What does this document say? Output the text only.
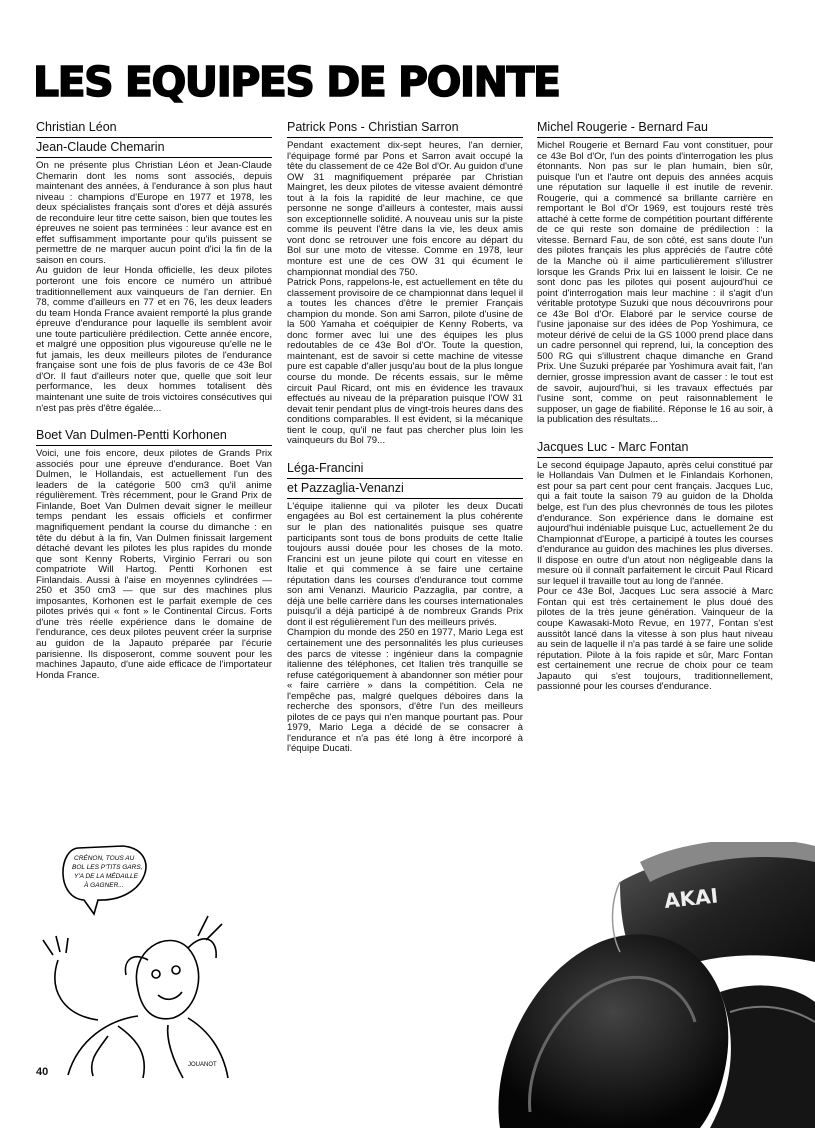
LES EQUIPES DE POINTE
Christian Léon
Jean-Claude Chemarin

On ne présente plus Christian Léon et Jean-Claude Chemarin dont les noms sont associés, depuis maintenant des années, à l'endurance à son plus haut niveau : champions d'Europe en 1977 et 1978, les deux spécialistes français sont d'ores et déjà assurés de reconduire leur titre cette saison, bien que toutes les épreuves ne soient pas terminées : leur avance est en effet suffisamment importante pour qu'ils puissent se permettre de ne marquer aucun point d'ici la fin de la saison en cours.
Au guidon de leur Honda officielle, les deux pilotes porteront une fois encore ce numéro un attribué traditionnellement aux vainqueurs de l'an dernier. En 78, comme d'ailleurs en 77 et en 76, les deux leaders du team Honda France avaient remporté la plus grande épreuve d'endurance pour laquelle ils semblent avoir une toute particulière prédilection. Cette année encore, et malgré une opposition plus vigoureuse qu'elle ne le fut jamais, les deux meilleurs pilotes de l'endurance française sont une fois de plus favoris de ce 43e Bol d'Or. Il faut d'ailleurs noter que, quelle que soit leur performance, les deux hommes totalisent dès maintenant une suite de trois victoires consécutives qui n'est pas près d'être égalée...

Boet Van Dulmen-Pentti Korhonen

Voici, une fois encore, deux pilotes de Grands Prix associés pour une épreuve d'endurance. Boet Van Dulmen, le Hollandais, est actuellement l'un des leaders de la catégorie 500 cm3 qu'il anime régulièrement. Très récemment, pour le Grand Prix de Finlande, Boet Van Dulmen devait signer le meilleur temps pendant les essais officiels et confirmer magnifiquement pendant la course du dimanche : en tête du début à la fin, Van Dulmen finissait largement détaché devant les pilotes les plus rapides du monde que sont Kenny Roberts, Virginio Ferrari ou son compatriote Will Hartog. Pentti Korhonen est Finlandais. Aussi à l'aise en moyennes cylindrées — 250 et 350 cm3 — que sur des machines plus imposantes, Korhonen est le parfait exemple de ces pilotes privés qui « font » le Continental Circus. Forts d'une très réelle expérience dans le domaine de l'endurance, ces deux pilotes peuvent créer la surprise au guidon de la Japauto préparée par l'écurie parisienne. Ils disposeront, comme souvent pour les machines Japauto, d'une aide efficace de l'importateur Honda France.

Patrick Pons - Christian Sarron

Pendant exactement dix-sept heures, l'an dernier, l'équipage formé par Pons et Sarron avait occupé la tête du classement de ce 42e Bol d'Or. Au guidon d'une OW 31 magnifiquement préparée par Christian Maingret, les deux pilotes de vitesse avaient démontré tout à la fois la rapidité de leur machine, ce que personne ne songe d'ailleurs à contester, mais aussi son exceptionnelle solidité. A nouveau unis sur la piste comme ils peuvent l'être dans la vie, les deux amis vont donc se retrouver une fois encore au départ du Bol sur une moto de vitesse. Comme en 1978, leur monture est une de ces OW 31 qui écument le championnat mondial des 750.
Patrick Pons, rappelons-le, est actuellement en tête du classement provisoire de ce championnat dans lequel il a toutes les chances d'être le premier Français champion du monde. Son ami Sarron, pilote d'usine de la 500 Yamaha et coéquipier de Kenny Roberts, va donc former avec lui une des équipes les plus redoutables de ce 43e Bol d'Or. Toute la question, maintenant, est de savoir si cette machine de vitesse pure est capable d'aller jusqu'au bout de la plus longue course du monde. De récents essais, sur le même circuit Paul Ricard, ont mis en évidence les travaux effectués au niveau de la préparation puisque l'OW 31 devait tenir pendant plus de vingt-trois heures dans des conditions comparables. Il est évident, si la mécanique tient le coup, qu'il ne faut pas chercher plus loin les vainqueurs du Bol 79...

Léga-Francini
et Pazzaglia-Venanzi

L'équipe italienne qui va piloter les deux Ducati engagées au Bol est certainement la plus cohérente sur le plan des nationalités puisque ses quatre participants sont tous de bons produits de cette Italie toujours aussi douée pour les choses de la moto. Francini est un jeune pilote qui court en vitesse en Italie et qui commence à se faire une certaine réputation dans les courses d'endurance tout comme son ami Venanzi. Mauricio Pazzaglia, par contre, a déjà une belle carrière dans les courses internationales puisqu'il a déjà participé à de nombreux Grands Prix dont il est régulièrement l'un des meilleurs privés.
Champion du monde des 250 en 1977, Mario Lega est certainement une des personnalités les plus curieuses des parcs de vitesse : ingénieur dans la compagnie italienne des téléphones, cet Italien très tranquille se refuse catégoriquement à abandonner son métier pour « faire carrière » dans la compétition. Cela ne l'empêche pas, malgré quelques déboires dans la recherche des sponsors, d'être l'un des meilleurs pilotes de ce pays qui n'en manque pourtant pas. Pour 1979, Mario Lega a décidé de se consacrer à l'endurance et n'a pas été long à être incorporé à l'équipe Ducati.

Michel Rougerie - Bernard Fau

Michel Rougerie et Bernard Fau vont constituer, pour ce 43e Bol d'Or, l'un des points d'interrogation les plus étonnants. Non pas sur le plan humain, bien sûr, puisque l'un et l'autre ont depuis des années acquis une réputation sur laquelle il est inutile de revenir. Rougerie, qui a commencé sa brillante carrière en remportant le Bol d'Or 1969, est toujours resté très attaché à cette forme de compétition pourtant différente de ce qui reste son domaine de prédilection : la vitesse. Bernard Fau, de son côté, est sans doute l'un des pilotes français les plus appréciés de l'autre côté de la Manche où il aime particulièrement s'illustrer lorsque les Grands Prix lui en laissent le loisir. Ce ne sont donc pas les pilotes qui posent aujourd'hui ce point d'interrogation mais leur machine : il s'agit d'un véritable prototype Suzuki que nous découvrirons pour ce 43e Bol d'Or. Elaboré par le service course de l'usine japonaise sur des idées de Pop Yoshimura, ce moteur dérivé de celui de la GS 1000 prend place dans un cadre personnel qui reprend, lui, la conception des 500 RG qui s'illustrent chaque dimanche en Grand Prix. Une Suzuki préparée par Yoshimura avait fait, l'an dernier, grosse impression avant de casser : le tout est de savoir, aujourd'hui, si les travaux effectués par l'usine sont, comme on peut raisonnablement le supposer, un gage de fiabilité. Réponse le 16 au soir, à la publication des résultats...

Jacques Luc - Marc Fontan

Le second équipage Japauto, après celui constitué par le Hollandais Van Dulmen et le Finlandais Korhonen, est pour sa part cent pour cent français. Jacques Luc, qui a fait toute la saison 79 au guidon de la Dholda belge, est l'un des plus chevronnés de tous les pilotes d'endurance. Son expérience dans le domaine est aujourd'hui indéniable puisque Luc, actuellement 2e du Championnat d'Europe, a participé à toutes les courses d'endurance au guidon des machines les plus diverses. Il dispose en outre d'un atout non négligeable dans la mesure où il connaît parfaitement le circuit Paul Ricard sur lequel il travaille tout au long de l'année.
Pour ce 43e Bol, Jacques Luc sera associé à Marc Fontan qui est très certainement le plus doué des pilotes de la très jeune génération. Vainqueur de la coupe Kawasaki-Moto Revue, en 1977, Fontan s'est aussitôt lancé dans la vitesse à son plus haut niveau au sein de laquelle il n'a pas tardé à se faire une solide réputation. Pilote à la fois rapide et sûr, Marc Fontan est certainement une recrue de choix pour ce team Japauto qui s'est toujours, traditionnellement, passionné pour les courses d'endurance.

CRÉNON, TOUS AU
BOL LES P'TITS GARS,
Y'A DE LA MÉDAILLE
À GAGNER...
JOUANOT
AKAI
40
